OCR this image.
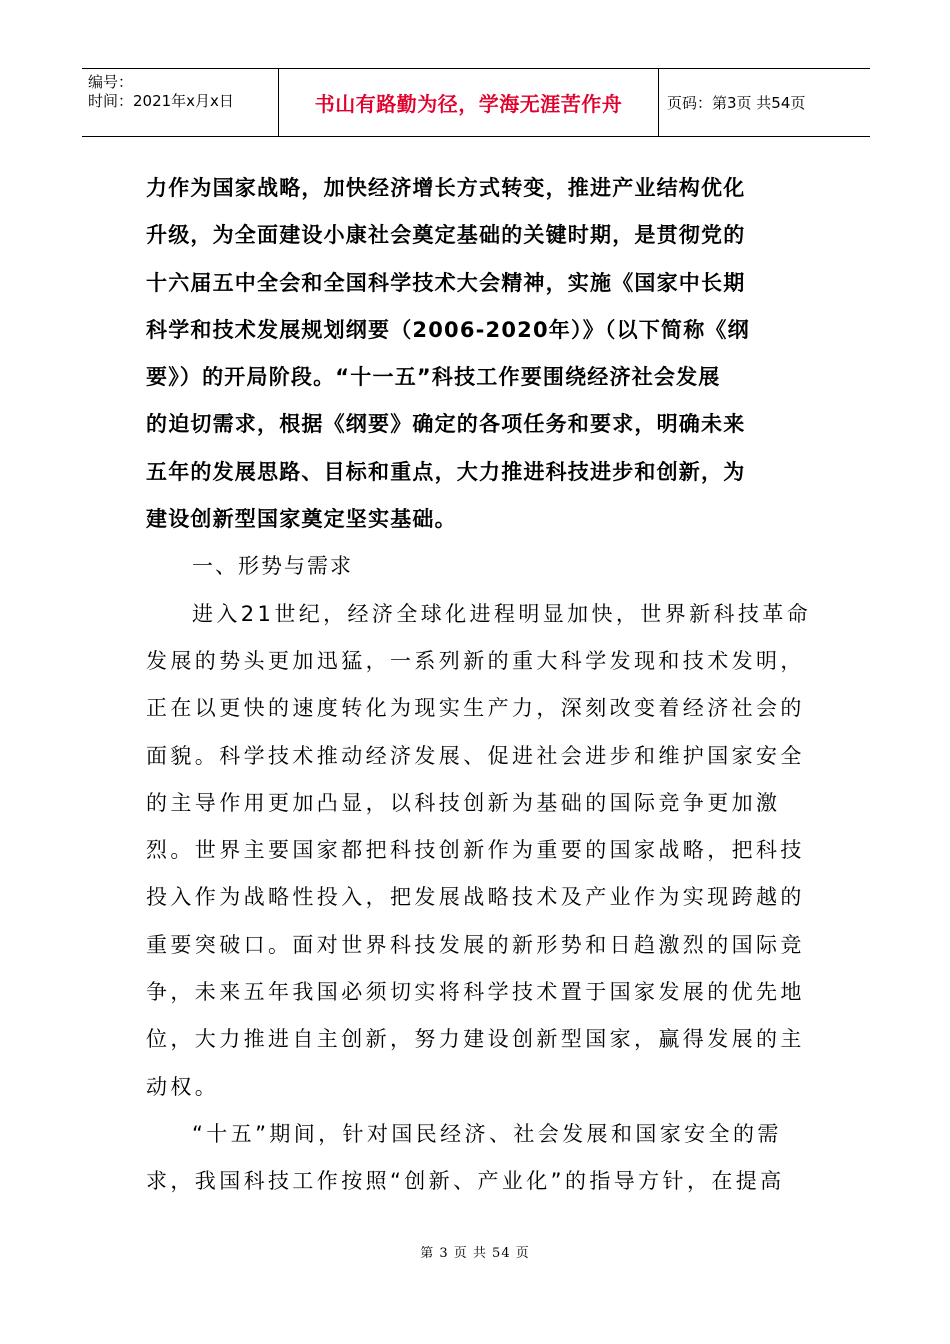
编号：
时间：2021年x月x日	书山有路勤为径，学海无涯苦作舟	页码：第3页 共54页
力作为国家战略，加快经济增长方式转变，推进产业结构优化
升级，为全面建设小康社会奠定基础的关键时期，是贯彻党的
十六届五中全会和全国科学技术大会精神，实施《国家中长期
科学和技术发展规划纲要（2006-2020年）》（以下简称《纲
要》）的开局阶段。“十一五”科技工作要围绕经济社会发展
的迫切需求，根据《纲要》确定的各项任务和要求，明确未来
五年的发展思路、目标和重点，大力推进科技进步和创新，为
建设创新型国家奠定坚实基础。
一、形势与需求
进入21世纪，经济全球化进程明显加快，世界新科技革命
发展的势头更加迅猛，一系列新的重大科学发现和技术发明，
正在以更快的速度转化为现实生产力，深刻改变着经济社会的
面貌。科学技术推动经济发展、促进社会进步和维护国家安全
的主导作用更加凸显，以科技创新为基础的国际竞争更加激
烈。世界主要国家都把科技创新作为重要的国家战略，把科技
投入作为战略性投入，把发展战略技术及产业作为实现跨越的
重要突破口。面对世界科技发展的新形势和日趋激烈的国际竞
争，未来五年我国必须切实将科学技术置于国家发展的优先地
位，大力推进自主创新，努力建设创新型国家，赢得发展的主
动权。
“十五”期间，针对国民经济、社会发展和国家安全的需
求，我国科技工作按照“创新、产业化”的指导方针，在提高
第 3 页 共 54 页
